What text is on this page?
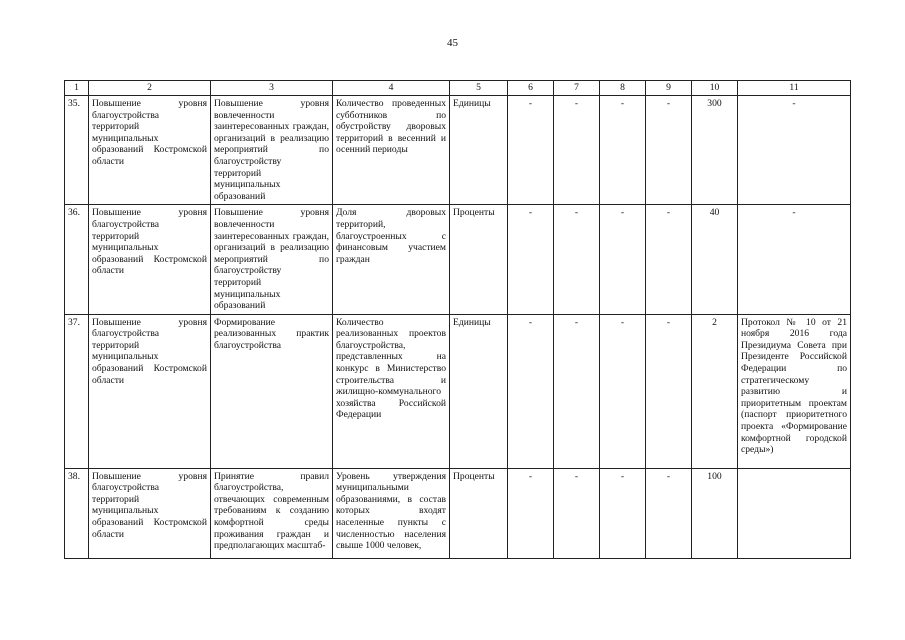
45
1	2	3	4	5	6	7	8	9	10	11
35.	Повышение уровня благоустройства территорий муниципальных образований Костромской области	Повышение уровня вовлеченности заинтересованных граждан, организаций в реализацию мероприятий по благоустройству территорий муниципальных образований	Количество проведенных субботников по обустройству дворовых территорий в весенний и осенний периоды	Единицы	-	-	-	-	300	-
36.	Повышение уровня благоустройства территорий муниципальных образований Костромской области	Повышение уровня вовлеченности заинтересованных граждан, организаций в реализацию мероприятий по благоустройству территорий муниципальных образований	Доля дворовых территорий, благоустроенных с финансовым участием граждан	Проценты	-	-	-	-	40	-
37.	Повышение уровня благоустройства территорий муниципальных образований Костромской области	Формирование реализованных практик благоустройства	Количество реализованных проектов благоустройства, представленных на конкурс в Министерство строительства и жилищно-коммунального хозяйства Российской Федерации	Единицы	-	-	-	-	2	Протокол № 10 от 21 ноября 2016 года Президиума Совета при Президенте Российской Федерации по стратегическому развитию и приоритетным проектам (паспорт приоритетного проекта «Формирование комфортной городской среды»)
38.	Повышение уровня благоустройства территорий муниципальных образований Костромской области	Принятие правил благоустройства, отвечающих современным требованиям к созданию комфортной среды проживания граждан и предполагающих масштаб-	Уровень утверждения муниципальными образованиями, в состав которых входят населенные пункты с численностью населения свыше 1000 человек,	Проценты	-	-	-	-	100	
